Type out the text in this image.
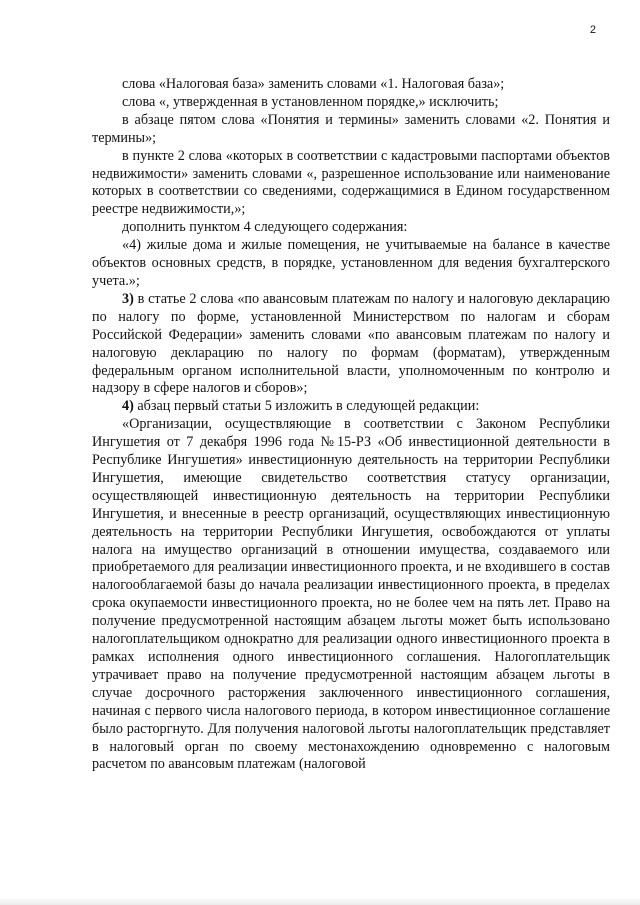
2

слова «Налоговая база» заменить словами «1. Налоговая база»;

слова «, утвержденная в установленном порядке,» исключить;

в абзаце пятом слова «Понятия и термины» заменить словами «2. Понятия и термины»;

в пункте 2 слова «которых в соответствии с кадастровыми паспортами объектов недвижимости» заменить словами «, разрешенное использование или наименование которых в соответствии со сведениями, содержащимися в Едином государственном реестре недвижимости,»;

дополнить пунктом 4 следующего содержания:

«4) жилые дома и жилые помещения, не учитываемые на балансе в качестве объектов основных средств, в порядке, установленном для ведения бухгалтерского учета.»;

3) в статье 2 слова «по авансовым платежам по налогу и налоговую декларацию по налогу по форме, установленной Министерством по налогам и сборам Российской Федерации» заменить словами «по авансовым платежам по налогу и налоговую декларацию по налогу по формам (форматам), утвержденным федеральным органом исполнительной власти, уполномоченным по контролю и надзору в сфере налогов и сборов»;

4) абзац первый статьи 5 изложить в следующей редакции:

«Организации, осуществляющие в соответствии с Законом Республики Ингушетия от 7 декабря 1996 года №15-РЗ «Об инвестиционной деятельности в Республике Ингушетия» инвестиционную деятельность на территории Республики Ингушетия, имеющие свидетельство соответствия статусу организации, осуществляющей инвестиционную деятельность на территории Республики Ингушетия, и внесенные в реестр организаций, осуществляющих инвестиционную деятельность на территории Республики Ингушетия, освобождаются от уплаты налога на имущество организаций в отношении имущества, создаваемого или приобретаемого для реализации инвестиционного проекта, и не входившего в состав налогооблагаемой базы до начала реализации инвестиционного проекта, в пределах срока окупаемости инвестиционного проекта, но не более чем на пять лет. Право на получение предусмотренной настоящим абзацем льготы может быть использовано налогоплательщиком однократно для реализации одного инвестиционного проекта в рамках исполнения одного инвестиционного соглашения. Налогоплательщик утрачивает право на получение предусмотренной настоящим абзацем льготы в случае досрочного расторжения заключенного инвестиционного соглашения, начиная с первого числа налогового периода, в котором инвестиционное соглашение было расторгнуто. Для получения налоговой льготы налогоплательщик представляет в налоговый орган по своему местонахождению одновременно с налоговым расчетом по авансовым платежам (налоговой
